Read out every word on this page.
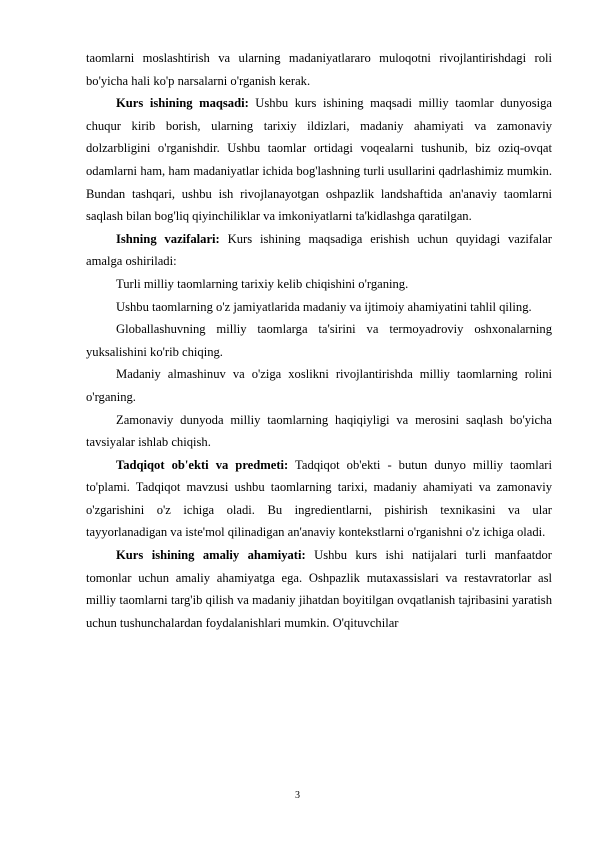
taomlarni moslashtirish va ularning madaniyatlararo muloqotni rivojlantirishdagi roli bo'yicha hali ko'p narsalarni o'rganish kerak.

Kurs ishining maqsadi: Ushbu kurs ishining maqsadi milliy taomlar dunyosiga chuqur kirib borish, ularning tarixiy ildizlari, madaniy ahamiyati va zamonaviy dolzarbligini o'rganishdir. Ushbu taomlar ortidagi voqealarni tushunib, biz oziq-ovqat odamlarni ham, ham madaniyatlar ichida bog'lashning turli usullarini qadrlashimiz mumkin. Bundan tashqari, ushbu ish rivojlanayotgan oshpazlik landshaftida an'anaviy taomlarni saqlash bilan bog'liq qiyinchiliklar va imkoniyatlarni ta'kidlashga qaratilgan.

Ishning vazifalari: Kurs ishining maqsadiga erishish uchun quyidagi vazifalar amalga oshiriladi:

Turli milliy taomlarning tarixiy kelib chiqishini o'rganing.

Ushbu taomlarning o'z jamiyatlarida madaniy va ijtimoiy ahamiyatini tahlil qiling.

Globallashuvning milliy taomlarga ta'sirini va termoyadroviy oshxonalarning yuksalishini ko'rib chiqing.

Madaniy almashinuv va o'ziga xoslikni rivojlantirishda milliy taomlarning rolini o'rganing.

Zamonaviy dunyoda milliy taomlarning haqiqiyligi va merosini saqlash bo'yicha tavsiyalar ishlab chiqish.

Tadqiqot ob'ekti va predmeti: Tadqiqot ob'ekti - butun dunyo milliy taomlari to'plami. Tadqiqot mavzusi ushbu taomlarning tarixi, madaniy ahamiyati va zamonaviy o'zgarishini o'z ichiga oladi. Bu ingredientlarni, pishirish texnikasini va ular tayyorlanadigan va iste'mol qilinadigan an'anaviy kontekstlarni o'rganishni o'z ichiga oladi.

Kurs ishining amaliy ahamiyati: Ushbu kurs ishi natijalari turli manfaatdor tomonlar uchun amaliy ahamiyatga ega. Oshpazlik mutaxassislari va restavratorlar asl milliy taomlarni targ'ib qilish va madaniy jihatdan boyitilgan ovqatlanish tajribasini yaratish uchun tushunchalardan foydalanishlari mumkin. O'qituvchilar

3
